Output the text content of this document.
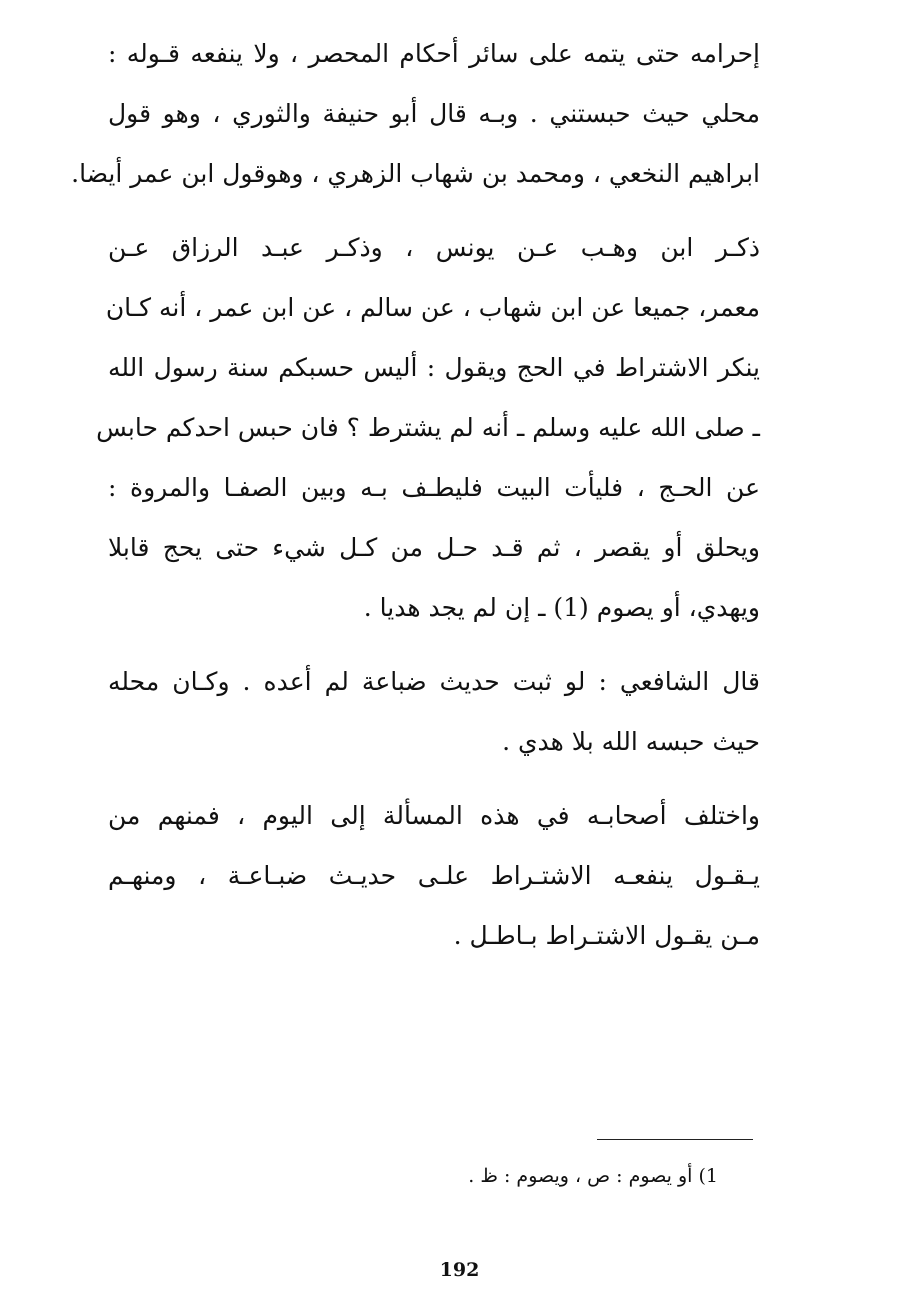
إحرامه حتى يتمه على سائر أحكام المحصر ، ولا ينفعه قـوله :
محلي حيث حبستني . وبـه قال أبو حنيفة والثوري ، وهو قول
ابراهيم النخعي ، ومحمد بن شهاب الزهري ، وهوقول ابن عمر أيضا.
ذكـر ابن وهـب عـن يونس ، وذكـر عبـد الرزاق عـن
معمر، جميعا عن ابن شهاب ، عن سالم ، عن ابن عمر ، أنه كـان
ينكر الاشتراط في الحج ويقول : أليس حسبكم سنة رسول الله
ـ صلى الله عليه وسلم ـ أنه لم يشترط ؟ فان حبس احدكم حابس
عن الحـج ، فليأت البيت فليطـف بـه وبين الصفـا والمروة :
ويحلق أو يقصر ، ثم قـد حـل من كـل شيء حتى يحج قابلا
ويهدي، أو يصوم (1) ـ إن لم يجد هديا .
قال الشافعي : لو ثبت حديث ضباعة لم أعده . وكـان محله
حيث حبسه الله بلا هدي .
واختلف أصحابـه في هذه المسألة إلى اليوم ، فمنهم من
يـقـول ينفعـه الاشتـراط علـى حديـث ضبـاعـة ، ومنهـم
مـن يقـول الاشتـراط بـاطـل .
1) أو يصوم : ص ، ويصوم : ظ .
192
